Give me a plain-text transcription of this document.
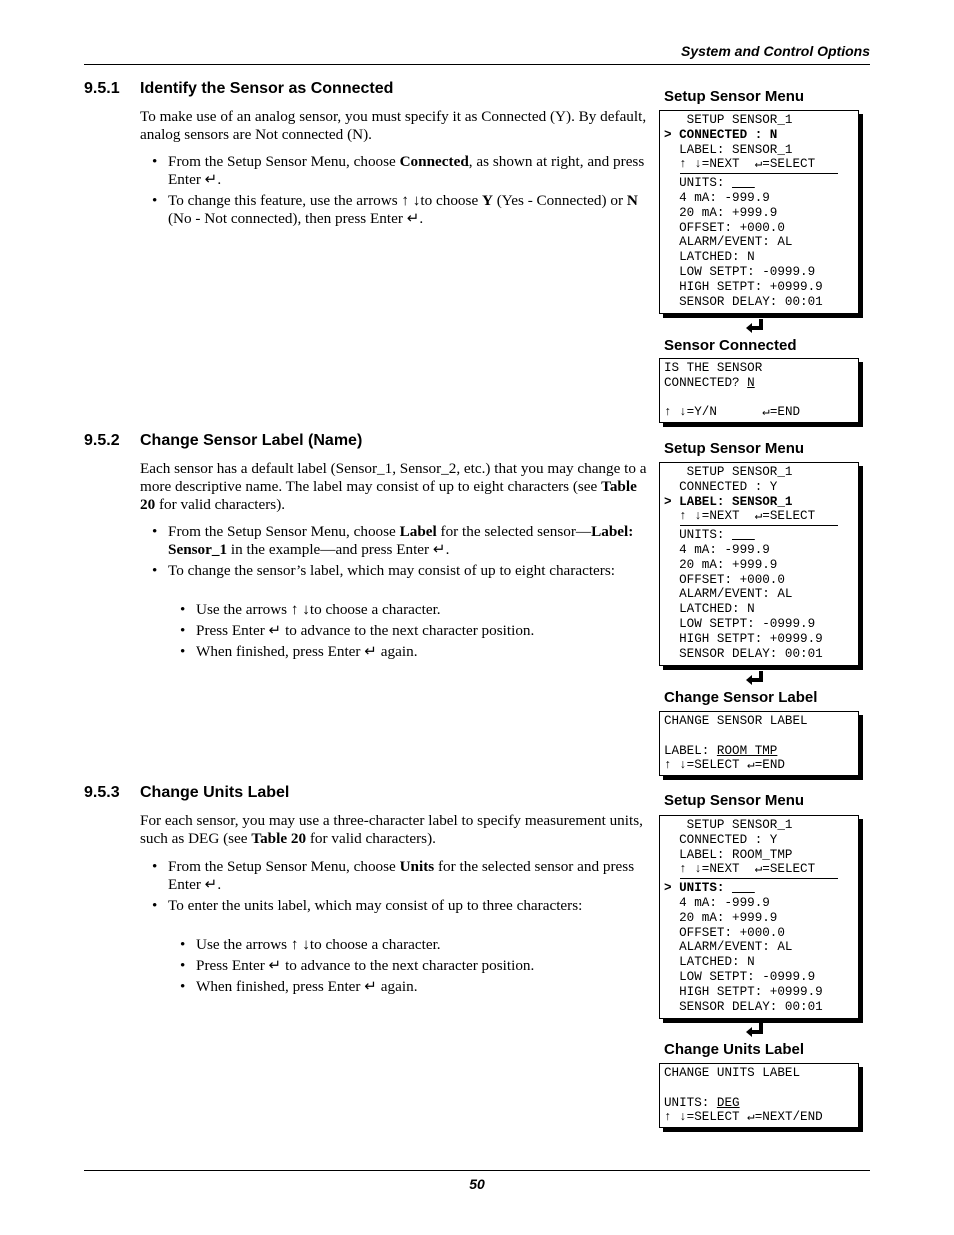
System and Control Options
9.5.1 Identify the Sensor as Connected
To make use of an analog sensor, you must specify it as Connected (Y). By default, analog sensors are Not connected (N).
• From the Setup Sensor Menu, choose Connected, as shown at right, and press Enter ↵.
• To change this feature, use the arrows ↑ ↓to choose Y (Yes - Connected) or N (No - Not connected), then press Enter ↵.
9.5.2 Change Sensor Label (Name)
Each sensor has a default label (Sensor_1, Sensor_2, etc.) that you may change to a more descriptive name. The label may consist of up to eight characters (see Table 20 for valid characters).
• From the Setup Sensor Menu, choose Label for the selected sensor—Label: Sensor_1 in the example—and press Enter ↵.
• To change the sensor’s label, which may consist of up to eight characters:
• Use the arrows ↑ ↓to choose a character.
• Press Enter ↵ to advance to the next character position.
• When finished, press Enter ↵ again.
9.5.3 Change Units Label
For each sensor, you may use a three-character label to specify measurement units, such as DEG (see Table 20 for valid characters).
• From the Setup Sensor Menu, choose Units for the selected sensor and press Enter ↵.
• To enter the units label, which may consist of up to three characters:
• Use the arrows ↑ ↓to choose a character.
• Press Enter ↵ to advance to the next character position.
• When finished, press Enter ↵ again.
Setup Sensor Menu
SETUP SENSOR_1
> CONNECTED : N
LABEL: SENSOR_1
↑ ↓=NEXT  ↵=SELECT
UNITS: ___
4 mA: -999.9
20 mA: +999.9
OFFSET: +000.0
ALARM/EVENT: AL
LATCHED: N
LOW SETPT: -0999.9
HIGH SETPT: +0999.9
SENSOR DELAY: 00:01
Sensor Connected
IS THE SENSOR
CONNECTED? N
↑ ↓=Y/N      ↵=END
Setup Sensor Menu
SETUP SENSOR_1
CONNECTED : Y
> LABEL: SENSOR_1
↑ ↓=NEXT  ↵=SELECT
UNITS: ___
4 mA: -999.9
20 mA: +999.9
OFFSET: +000.0
ALARM/EVENT: AL
LATCHED: N
LOW SETPT: -0999.9
HIGH SETPT: +0999.9
SENSOR DELAY: 00:01
Change Sensor Label
CHANGE SENSOR LABEL
LABEL: ROOM_TMP
↑ ↓=SELECT ↵=END
Setup Sensor Menu
SETUP SENSOR_1
CONNECTED : Y
LABEL: ROOM_TMP
↑ ↓=NEXT  ↵=SELECT
> UNITS: ___
4 mA: -999.9
20 mA: +999.9
OFFSET: +000.0
ALARM/EVENT: AL
LATCHED: N
LOW SETPT: -0999.9
HIGH SETPT: +0999.9
SENSOR DELAY: 00:01
Change Units Label
CHANGE UNITS LABEL
UNITS: DEG
↑ ↓=SELECT ↵=NEXT/END
50
